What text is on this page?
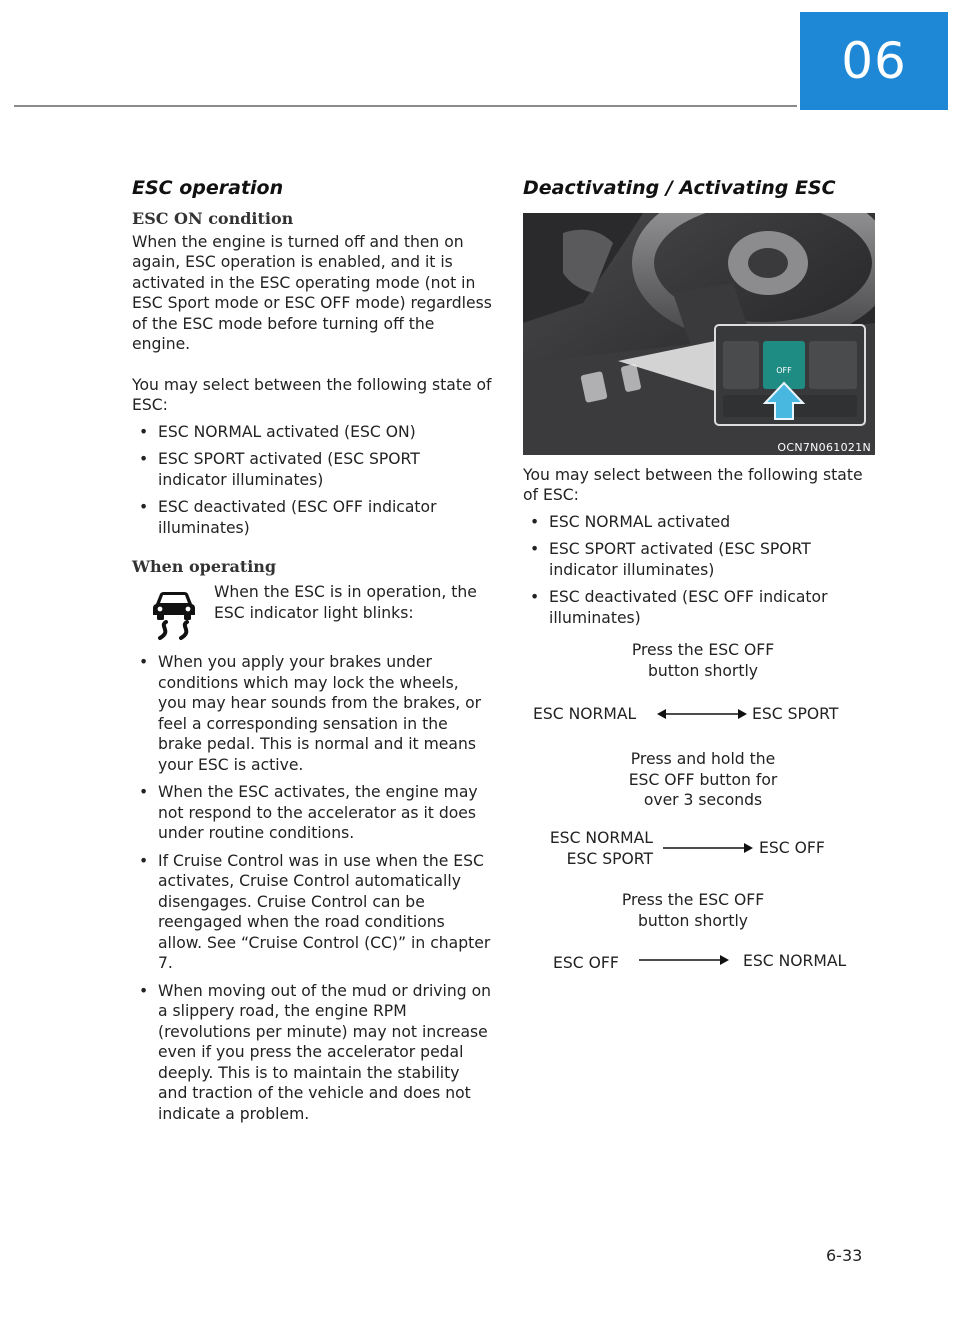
06
ESC operation
ESC ON condition

When the engine is turned off and then on again, ESC operation is enabled, and it is activated in the ESC operating mode (not in ESC Sport mode or ESC OFF mode) regardless of the ESC mode before turning off the engine.

You may select between the following state of ESC:

• ESC NORMAL activated (ESC ON)
• ESC SPORT activated (ESC SPORT indicator illuminates)
• ESC deactivated (ESC OFF indicator illuminates)
When operating

When the ESC is in operation, the ESC indicator light blinks:

• When you apply your brakes under conditions which may lock the wheels, you may hear sounds from the brakes, or feel a corresponding sensation in the brake pedal. This is normal and it means your ESC is active.
• When the ESC activates, the engine may not respond to the accelerator as it does under routine conditions.
• If Cruise Control was in use when the ESC activates, Cruise Control automatically disengages. Cruise Control can be reengaged when the road conditions allow. See “Cruise Control (CC)” in chapter 7.
• When moving out of the mud or driving on a slippery road, the engine RPM (revolutions per minute) may not increase even if you press the accelerator pedal deeply. This is to maintain the stability and traction of the vehicle and does not indicate a problem.
Deactivating / Activating ESC
OFF
OCN7N061021N

You may select between the following state of ESC:

• ESC NORMAL activated
• ESC SPORT activated (ESC SPORT indicator illuminates)
• ESC deactivated (ESC OFF indicator illuminates)
Press the ESC OFF
button shortly
ESC NORMAL	ESC SPORT
Press and hold the
ESC OFF button for
over 3 seconds
ESC NORMAL
ESC SPORT
ESC OFF
Press the ESC OFF
button shortly
ESC OFF	ESC NORMAL
6-33
